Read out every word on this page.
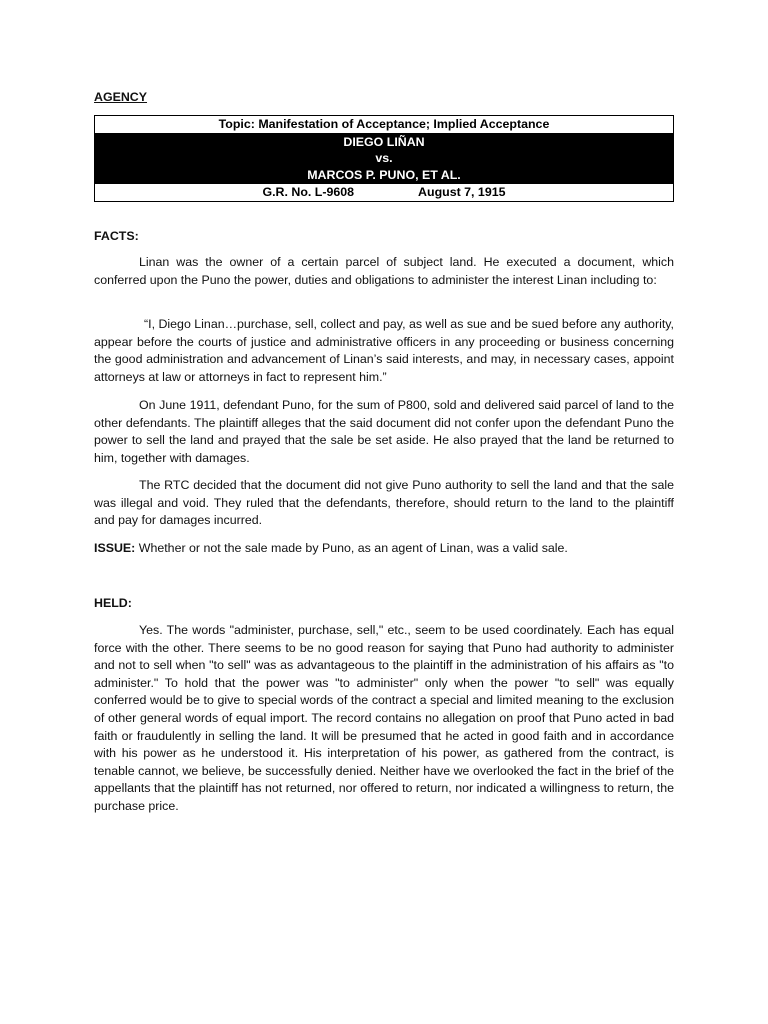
AGENCY
Topic: Manifestation of Acceptance; Implied Acceptance
DIEGO LIÑAN
vs.
MARCOS P. PUNO, ET AL.
G.R. No. L-9608	August 7, 1915
FACTS:

Linan was the owner of a certain parcel of subject land. He executed a document, which conferred upon the Puno the power, duties and obligations to administer the interest Linan including to:

“I, Diego Linan…purchase, sell, collect and pay, as well as sue and be sued before any authority, appear before the courts of justice and administrative officers in any proceeding or business concerning the good administration and advancement of Linan’s said interests, and may, in necessary cases, appoint attorneys at law or attorneys in fact to represent him.”

On June 1911, defendant Puno, for the sum of P800, sold and delivered said parcel of land to the other defendants. The plaintiff alleges that the said document did not confer upon the defendant Puno the power to sell the land and prayed that the sale be set aside. He also prayed that the land be returned to him, together with damages.

The RTC decided that the document did not give Puno authority to sell the land and that the sale was illegal and void. They ruled that the defendants, therefore, should return to the land to the plaintiff and pay for damages incurred.

ISSUE: Whether or not the sale made by Puno, as an agent of Linan, was a valid sale.

HELD:

Yes. The words "administer, purchase, sell," etc., seem to be used coordinately. Each has equal force with the other. There seems to be no good reason for saying that Puno had authority to administer and not to sell when "to sell" was as advantageous to the plaintiff in the administration of his affairs as "to administer." To hold that the power was "to administer" only when the power "to sell" was equally conferred would be to give to special words of the contract a special and limited meaning to the exclusion of other general words of equal import. The record contains no allegation on proof that Puno acted in bad faith or fraudulently in selling the land. It will be presumed that he acted in good faith and in accordance with his power as he understood it. His interpretation of his power, as gathered from the contract, is tenable cannot, we believe, be successfully denied. Neither have we overlooked the fact in the brief of the appellants that the plaintiff has not returned, nor offered to return, nor indicated a willingness to return, the purchase price.
